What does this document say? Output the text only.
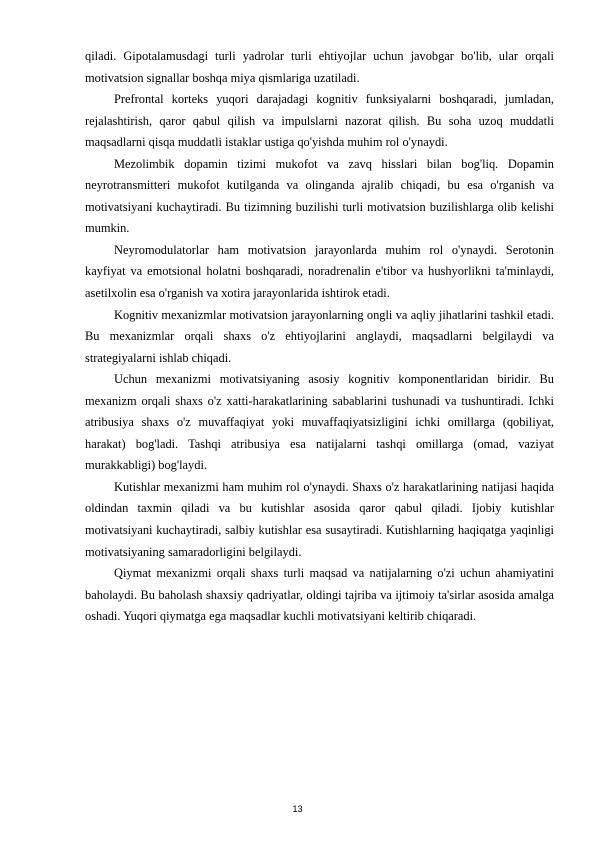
qiladi. Gipotalamusdagi turli yadrolar turli ehtiyojlar uchun javobgar bo'lib, ular orqali motivatsion signallar boshqa miya qismlariga uzatiladi.

Prefrontal korteks yuqori darajadagi kognitiv funksiyalarni boshqaradi, jumladan, rejalashtirish, qaror qabul qilish va impulslarni nazorat qilish. Bu soha uzoq muddatli maqsadlarni qisqa muddatli istaklar ustiga qo'yishda muhim rol o'ynaydi.

Mezolimbik dopamin tizimi mukofot va zavq hisslari bilan bog'liq. Dopamin neyrotransmitteri mukofot kutilganda va olinganda ajralib chiqadi, bu esa o'rganish va motivatsiyani kuchaytiradi. Bu tizimning buzilishi turli motivatsion buzilishlarga olib kelishi mumkin.

Neyromodulatorlar ham motivatsion jarayonlarda muhim rol o'ynaydi. Serotonin kayfiyat va emotsional holatni boshqaradi, noradrenalin e'tibor va hushyorlikni ta'minlaydi, asetilxolin esa o'rganish va xotira jarayonlarida ishtirok etadi.

Kognitiv mexanizmlar motivatsion jarayonlarning ongli va aqliy jihatlarini tashkil etadi. Bu mexanizmlar orqali shaxs o'z ehtiyojlarini anglaydi, maqsadlarni belgilaydi va strategiyalarni ishlab chiqadi.

Uchun mexanizmi motivatsiyaning asosiy kognitiv komponentlaridan biridir. Bu mexanizm orqali shaxs o'z xatti-harakatlarining sabablarini tushunadi va tushuntiradi. Ichki atribusiya shaxs o'z muvaffaqiyat yoki muvaffaqiyatsizligini ichki omillarga (qobiliyat, harakat) bog'ladi. Tashqi atribusiya esa natijalarni tashqi omillarga (omad, vaziyat murakkabligi) bog'laydi.

Kutishlar mexanizmi ham muhim rol o'ynaydi. Shaxs o'z harakatlarining natijasi haqida oldindan taxmin qiladi va bu kutishlar asosida qaror qabul qiladi. Ijobiy kutishlar motivatsiyani kuchaytiradi, salbiy kutishlar esa susaytiradi. Kutishlarning haqiqatga yaqinligi motivatsiyaning samaradorligini belgilaydi.

Qiymat mexanizmi orqali shaxs turli maqsad va natijalarning o'zi uchun ahamiyatini baholaydi. Bu baholash shaxsiy qadriyatlar, oldingi tajriba va ijtimoiy ta'sirlar asosida amalga oshadi. Yuqori qiymatga ega maqsadlar kuchli motivatsiyani keltirib chiqaradi.

13
